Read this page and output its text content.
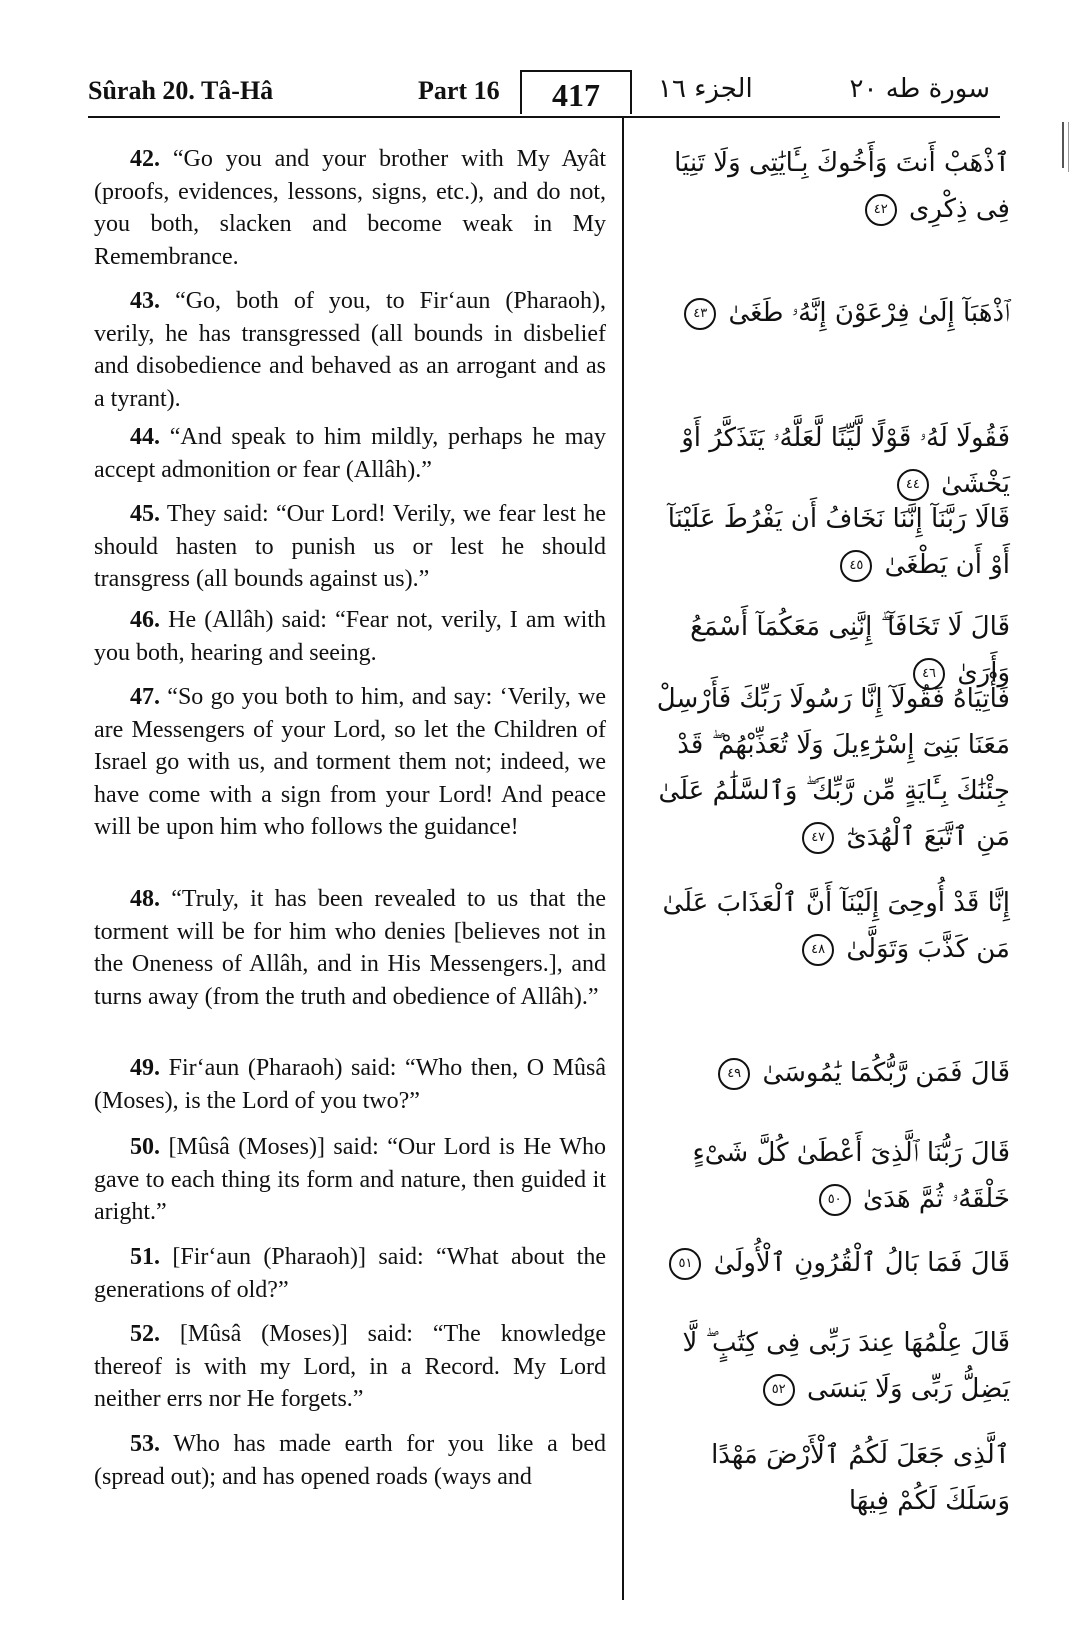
Sûrah 20. Tâ-Hâ	Part 16	417	الجزء ١٦	سورة طه ٢٠
42. “Go you and your brother with My Ayât (proofs, evidences, lessons, signs, etc.), and do not, you both, slacken and become weak in My Remembrance.
ٱذْهَبْ أَنتَ وَأَخُوكَ بِـَٔايَٰتِى وَلَا تَنِيَا فِى ذِكْرِى ٤٢
43. “Go, both of you, to Fir‘aun (Pharaoh), verily, he has transgressed (all bounds in disbelief and disobedience and behaved as an arrogant and as a tyrant).
ٱذْهَبَآ إِلَىٰ فِرْعَوْنَ إِنَّهُۥ طَغَىٰ ٤٣
44. “And speak to him mildly, perhaps he may accept admonition or fear (Allâh).”
فَقُولَا لَهُۥ قَوْلًا لَّيِّنًا لَّعَلَّهُۥ يَتَذَكَّرُ أَوْ يَخْشَىٰ ٤٤
45. They said: “Our Lord! Verily, we fear lest he should hasten to punish us or lest he should transgress (all bounds against us).”
قَالَا رَبَّنَآ إِنَّنَا نَخَافُ أَن يَفْرُطَ عَلَيْنَآ أَوْ أَن يَطْغَىٰ ٤٥
46. He (Allâh) said: “Fear not, verily, I am with you both, hearing and seeing.
قَالَ لَا تَخَافَآ ۖ إِنَّنِى مَعَكُمَآ أَسْمَعُ وَأَرَىٰ ٤٦
47. “So go you both to him, and say: ‘Verily, we are Messengers of your Lord, so let the Children of Israel go with us, and torment them not; indeed, we have come with a sign from your Lord! And peace will be upon him who follows the guidance!
فَأْتِيَاهُ فَقُولَآ إِنَّا رَسُولَا رَبِّكَ فَأَرْسِلْ مَعَنَا بَنِىٓ إِسْرَٰٓءِيلَ وَلَا تُعَذِّبْهُمْ ۖ قَدْ جِئْنَٰكَ بِـَٔايَةٍ مِّن رَّبِّكَ ۖ وَٱلسَّلَٰمُ عَلَىٰ مَنِ ٱتَّبَعَ ٱلْهُدَىٰٓ ٤٧
48. “Truly, it has been revealed to us that the torment will be for him who denies [believes not in the Oneness of Allâh, and in His Messengers.], and turns away (from the truth and obedience of Allâh).”
إِنَّا قَدْ أُوحِىَ إِلَيْنَآ أَنَّ ٱلْعَذَابَ عَلَىٰ مَن كَذَّبَ وَتَوَلَّىٰ ٤٨
49. Fir‘aun (Pharaoh) said: “Who then, O Mûsâ (Moses), is the Lord of you two?”
قَالَ فَمَن رَّبُّكُمَا يَٰمُوسَىٰ ٤٩
50. [Mûsâ (Moses)] said: “Our Lord is He Who gave to each thing its form and nature, then guided it aright.”
قَالَ رَبُّنَا ٱلَّذِىٓ أَعْطَىٰ كُلَّ شَىْءٍ خَلْقَهُۥ ثُمَّ هَدَىٰ ٥٠
51. [Fir‘aun (Pharaoh)] said: “What about the generations of old?”
قَالَ فَمَا بَالُ ٱلْقُرُونِ ٱلْأُولَىٰ ٥١
52. [Mûsâ (Moses)] said: “The knowledge thereof is with my Lord, in a Record. My Lord neither errs nor He forgets.”
قَالَ عِلْمُهَا عِندَ رَبِّى فِى كِتَٰبٍ ۖ لَّا يَضِلُّ رَبِّى وَلَا يَنسَى ٥٢
53. Who has made earth for you like a bed (spread out); and has opened roads (ways and
ٱلَّذِى جَعَلَ لَكُمُ ٱلْأَرْضَ مَهْدًا وَسَلَكَ لَكُمْ فِيهَا
